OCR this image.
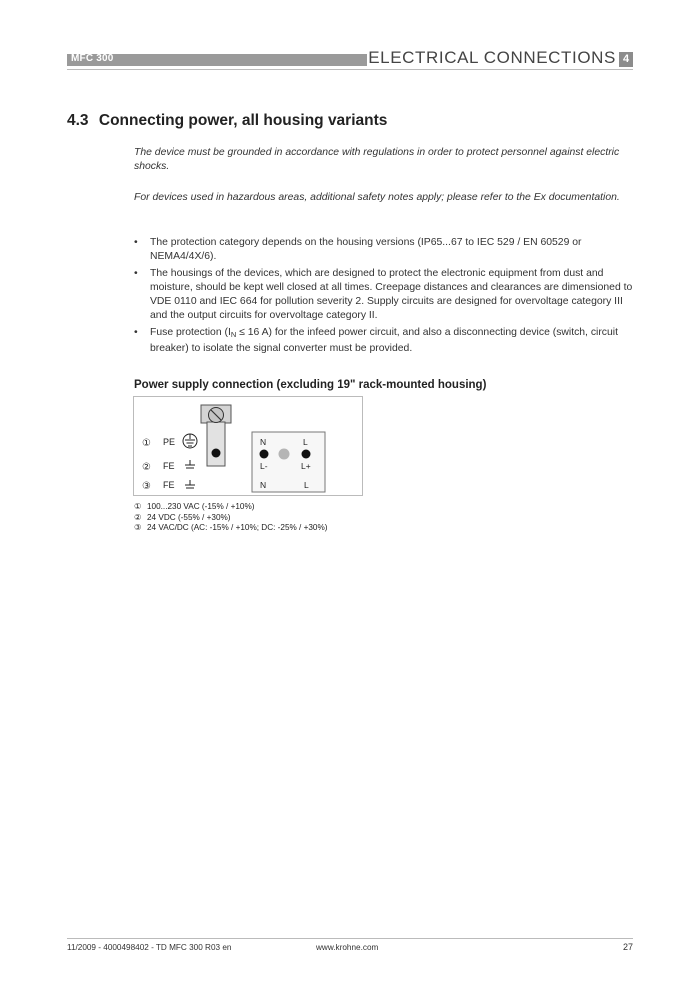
MFC 300	ELECTRICAL CONNECTIONS 4
4.3 Connecting power, all housing variants
The device must be grounded in accordance with regulations in order to protect personnel against electric shocks.
For devices used in hazardous areas, additional safety notes apply; please refer to the Ex documentation.
• The protection category depends on the housing versions (IP65...67 to IEC 529 / EN 60529 or NEMA4/4X/6).
• The housings of the devices, which are designed to protect the electronic equipment from dust and moisture, should be kept well closed at all times. Creepage distances and clearances are dimensioned to VDE 0110 and IEC 664 for pollution severity 2. Supply circuits are designed for overvoltage category III and the output circuits for overvoltage category II.
• Fuse protection ($I_N \le 16$ A) for the infeed power circuit, and also a disconnecting device (switch, circuit breaker) to isolate the signal converter must be provided.
Power supply connection (excluding 19" rack-mounted housing)
① PE
② FE
③ FE
N	L
L-	L+
N	L
① 100...230 VAC (-15% / +10%)
② 24 VDC (-55% / +30%)
③ 24 VAC/DC (AC: -15% / +10%; DC: -25% / +30%)
11/2009 - 4000498402 - TD MFC 300 R03 en	www.krohne.com	27
